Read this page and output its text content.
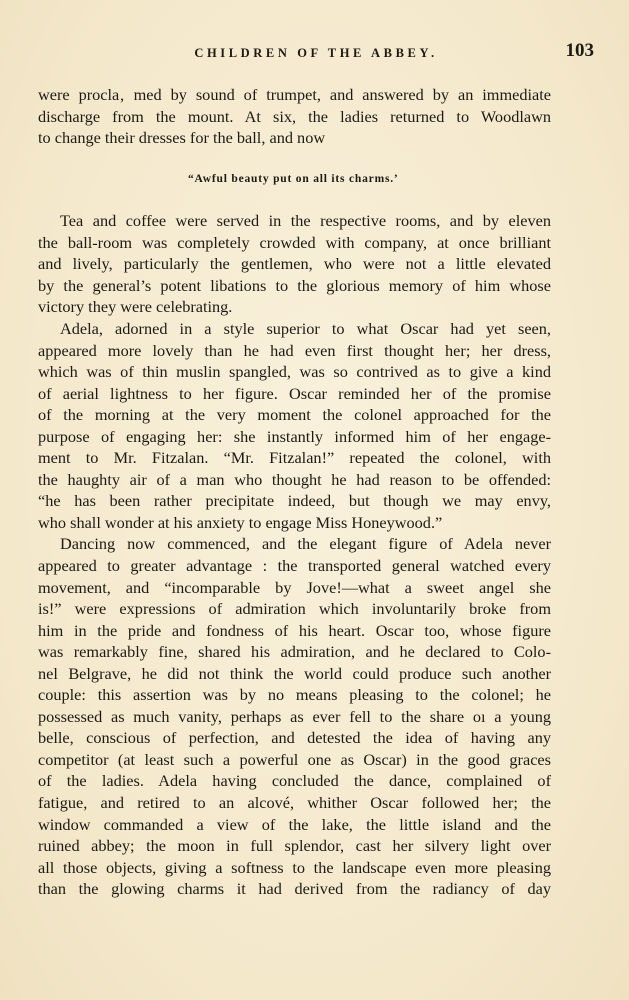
CHILDREN OF THE ABBEY.	103
were procla‚ med by sound of trumpet, and answered by an immediate
discharge from the mount. At six, the ladies returned to Woodlawn
to change their dresses for the ball, and now
“Awful beauty put on all its charms.’
Tea and coffee were served in the respective rooms, and by eleven
the ball-room was completely crowded with company, at once brilliant
and lively, particularly the gentlemen, who were not a little elevated
by the general’s potent libations to the glorious memory of him whose
victory they were celebrating.
Adela, adorned in a style superior to what Oscar had yet seen,
appeared more lovely than he had even first thought her; her dress,
which was of thin muslin spangled, was so contrived as to give a kind
of aerial lightness to her figure. Oscar reminded her of the promise
of the morning at the very moment the colonel approached for the
purpose of engaging her: she instantly informed him of her engage-
ment to Mr. Fitzalan. “Mr. Fitzalan!” repeated the colonel, with
the haughty air of a man who thought he had reason to be offended:
“he has been rather precipitate indeed, but though we may envy,
who shall wonder at his anxiety to engage Miss Honeywood.”
Dancing now commenced, and the elegant figure of Adela never
appeared to greater advantage : the transported general watched every
movement, and “incomparable by Jove!—what a sweet angel she
is!” were expressions of admiration which involuntarily broke from
him in the pride and fondness of his heart. Oscar too, whose figure
was remarkably fine, shared his admiration, and he declared to Colo-
nel Belgrave, he did not think the world could produce such another
couple: this assertion was by no means pleasing to the colonel; he
possessed as much vanity, perhaps as ever fell to the share oı a young
belle, conscious of perfection, and detested the idea of having any
competitor (at least such a powerful one as Oscar) in the good graces
of the ladies. Adela having concluded the dance, complained of
fatigue, and retired to an alcové, whither Oscar followed her; the
window commanded a view of the lake, the little island and the
ruined abbey; the moon in full splendor, cast her silvery light over
all those objects, giving a softness to the landscape even more pleasing
than the glowing charms it had derived from the radiancy of day
